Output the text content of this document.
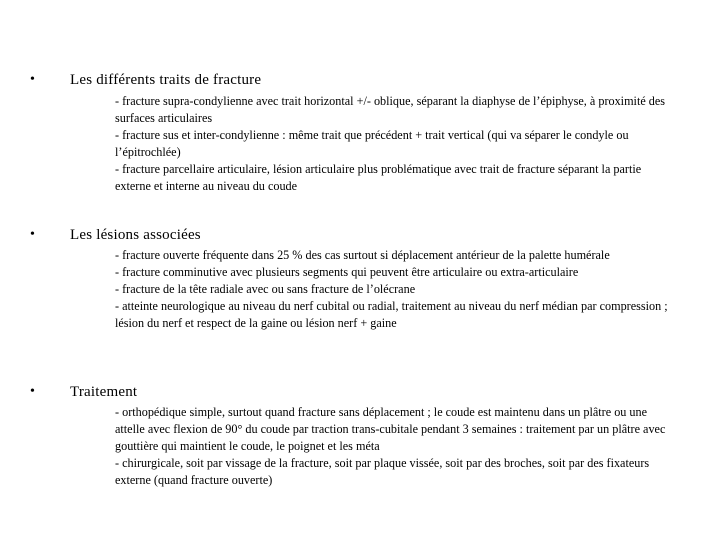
• Les différents traits de fracture

- fracture supra-condylienne avec trait horizontal +/- oblique, séparant la diaphyse de l’épiphyse, à proximité des surfaces articulaires

- fracture sus et inter-condylienne : même trait que précédent + trait vertical (qui va séparer le condyle ou l’épitrochlée)

- fracture parcellaire articulaire, lésion articulaire plus problématique avec trait de fracture séparant la partie externe et interne au niveau du coude

• Les lésions associées

- fracture ouverte fréquente dans 25 % des cas surtout si déplacement antérieur de la palette humérale

- fracture comminutive avec plusieurs segments qui peuvent être articulaire ou extra-articulaire

- fracture de la tête radiale avec ou sans fracture de l’olécrane

- atteinte neurologique au niveau du nerf cubital ou radial, traitement au niveau du nerf médian par compression ; lésion du nerf et respect de la gaine ou lésion nerf + gaine

• Traitement

- orthopédique simple, surtout quand fracture sans déplacement ; le coude est maintenu dans un plâtre ou une attelle avec flexion de 90° du coude par traction trans-cubitale pendant 3 semaines : traitement par un plâtre avec gouttière qui maintient le coude, le poignet et les méta

- chirurgicale, soit par vissage de la fracture, soit par plaque vissée, soit par des broches, soit par des fixateurs externe (quand fracture ouverte)
